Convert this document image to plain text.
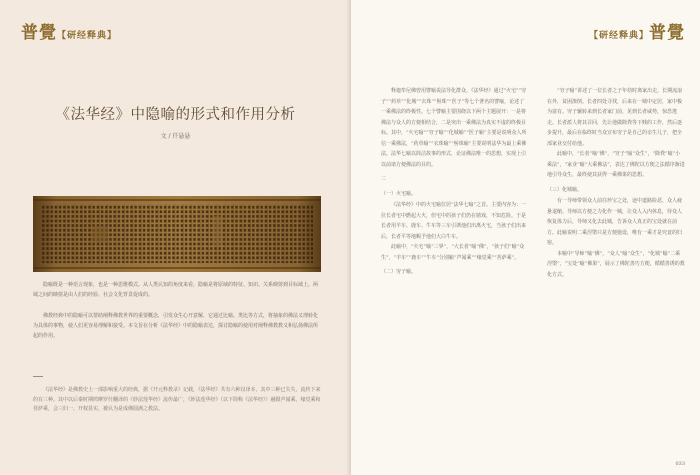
普覺【研经释典】
《法华经》中隐喻的形式和作用分析
文 / 仟悬悬

隐喻既是一种语言现象，也是一种思维模式。从人类认知的角度来看，隐喻是将原域的特征、知识、关系映射到目标域上，两域之间的映射是由人们的经验、社会文化背景促成的。

佛教经典中的隐喻可以帮助阐释佛教世界的重要概念，引发众生心开意解，它通过比喻、类比等方式，将抽象的佛法义理转化为具体的事物，使人们更容易理解和接受。本文旨在分析《法华经》中的隐喻表达，探讨隐喻的使用对阐释佛教教义和弘扬佛法所起的作用。

《法华经》是佛教史上一部影响重大的经典，据《开元释教录》记载，《法华经》共有六种汉译本，其中三种已失失，流传下来的有三种。其中以后秦时期鸠摩罗什翻译的《妙法莲华经》流传最广，《妙法莲华经》（以下简称《法华经》）融摄声闻乘、缘觉乘和菩萨乘，会三归一、开权显实，被认为是成佛圆满之教法。

【研经释典】普覺

释迦牟尼佛曾用譬喻说法导化群众。《法华经》通过“火宅”“穷子”“药草”“化城”“衣珠”“髻珠”“医子”等七个著名的譬喻，论述了一乘佛法的终极性。七个譬喻主要围绕以下两个主题展开：一是将佛法与众人的方便相结合，二是突出一乘佛法为真实不虚的终极目标。其中，“火宅喻”“穷子喻”“化城喻”“医子喻”主要是说明众人所信一乘佛法，“药草喻”“衣珠喻”“髻珠喻”主要说明法华为最上乘佛法。法华七喻以简洁故事的形式，论证佛法唯一的思想，实现上引以前诸方便佛法的目的。

二

（一）火宅喻。

《法华经》中的火宅喻位居“法华七喻”之首。主要内容为：一位长者宅中燃起大火，但宅中的孩子们仍在嬉戏，不知危险。于是长者用羊车、鹿车、牛车等三车引诱他们出离火宅，当孩子们出来后，长者平等地赐予他们大白牛车。

此喻中，“火宅”喻“三界”，“大长者”喻“佛”，“孩子们”喻“众生”，“羊车”“鹿车”“牛车”分别喻“声闻乘”“缘觉乘”“菩萨乘”。

（二）穷子喻。

“穷子喻”讲述了一位长者之子年幼时离家出走，长期流浪在外，贫困潦倒。长者四处寻找，后来在一城中定居，家中极为富有。穷子辗转来到长者家门前，见到长者威势，惊恐逃走。长者派人将其召回，先让他做除粪等下贱的工作，然后逐步提升，最后在临终时当众宣布穷子是自己的亲生儿子，把全部家业交付给他。

此喻中，“长者”喻“佛”，“穷子”喻“众生”，“除粪”喻“小乘法”，“家业”喻“大乘佛法”，表达了佛陀以方便之法循序渐进地引导众生，最终使其获得一乘佛果的思想。

（三）化城喻。

有一导师带领众人前往珍宝之处，途中道路险恶，众人疲惫退缩。导师以方便之力化作一城，让众人入内休息，待众人恢复体力后，导师又化去此城，告诉众人真正的宝处就在前方。此喻说明二乘涅槃只是方便施设，唯有一乘才是究竟的归宿。

本喻中“导师”喻“佛”，“众人”喻“众生”，“化城”喻“二乘涅槃”，“宝处”喻“佛果”，展示了佛陀善巧方便、循循善诱的教化方式。

033
